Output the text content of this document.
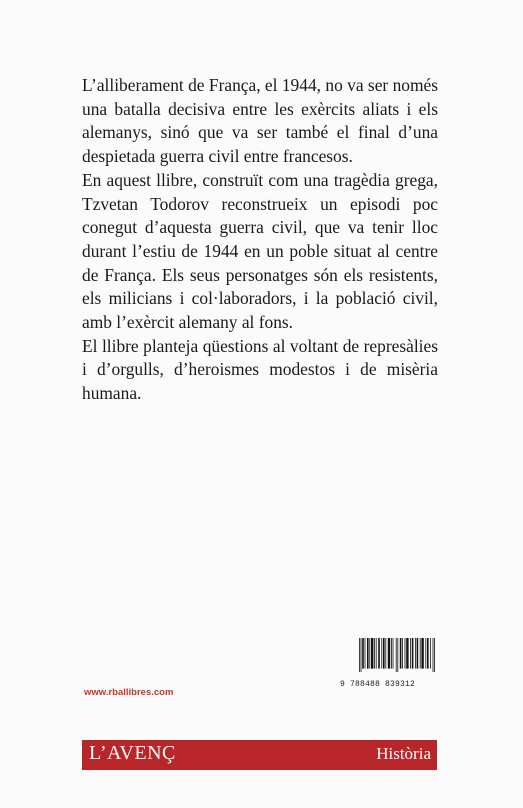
L’alliberament de França, el 1944, no va ser només una batalla decisiva entre les exèrcits aliats i els alemanys, sinó que va ser també el final d’una despietada guerra civil entre francesos.

En aquest llibre, construït com una tragèdia grega, Tzvetan Todorov reconstrueix un episodi poc conegut d’aquesta guerra civil, que va tenir lloc durant l’estiu de 1944 en un poble situat al centre de França. Els seus personatges són els resistents, els milicians i col·laboradors, i la població civil, amb l’exèrcit alemany al fons.

El llibre planteja qüestions al voltant de represàlies i d’orgulls, d’heroismes modestos i de misèria humana.

9 788488 839312
www.rballibres.com
L’AVENÇ	Història
